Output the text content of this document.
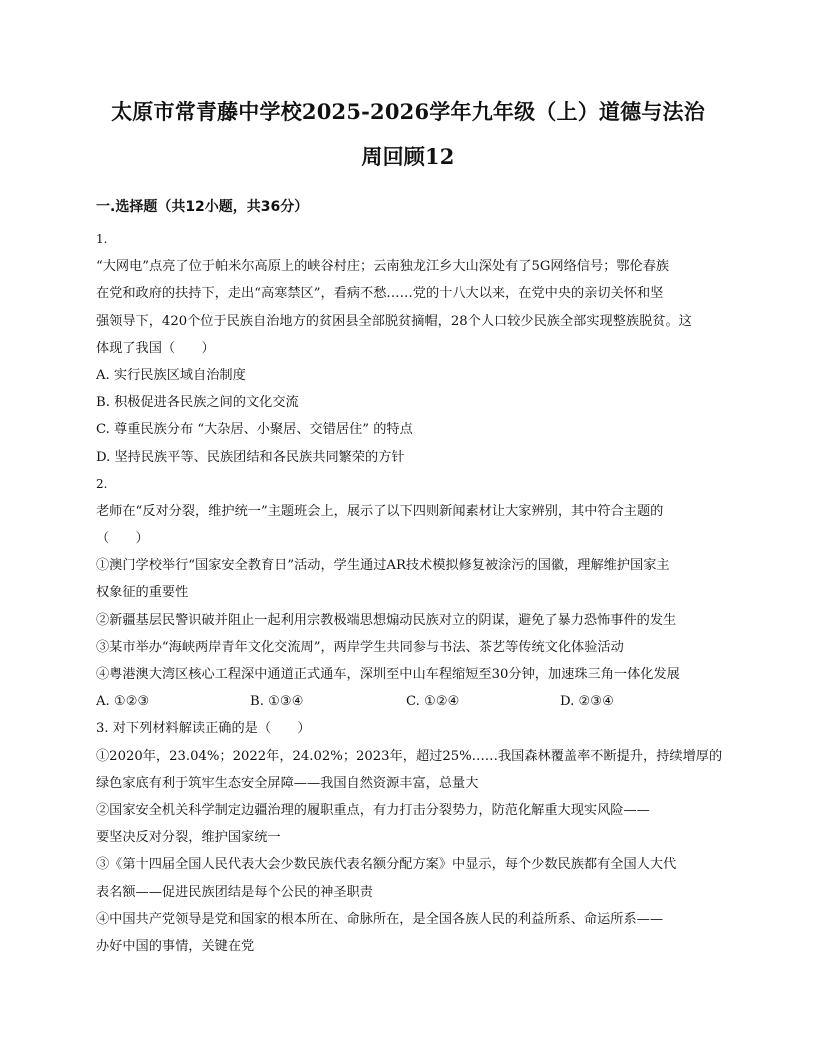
太原市常青藤中学校2025-2026学年九年级（上）道德与法治
周回顾12
一.选择题（共12小题，共36分）
1.
“大网电”点亮了位于帕米尔高原上的峡谷村庄；云南独龙江乡大山深处有了5G网络信号；鄂伦春族
在党和政府的扶持下，走出“高寒禁区”，看病不愁……党的十八大以来，在党中央的亲切关怀和坚
强领导下，420个位于民族自治地方的贫困县全部脱贫摘帽，28个人口较少民族全部实现整族脱贫。这
体现了我国（　　）
A. 实行民族区域自治制度
B. 积极促进各民族之间的文化交流
C. 尊重民族分布 “大杂居、小聚居、交错居住” 的特点
D. 坚持民族平等、民族团结和各民族共同繁荣的方针
2.
老师在“反对分裂，维护统一”主题班会上，展示了以下四则新闻素材让大家辨别，其中符合主题的
（　　）
①澳门学校举行“国家安全教育日”活动，学生通过AR技术模拟修复被涂污的国徽，理解维护国家主
权象征的重要性
②新疆基层民警识破并阻止一起利用宗教极端思想煽动民族对立的阴谋，避免了暴力恐怖事件的发生
③某市举办“海峡两岸青年文化交流周”，两岸学生共同参与书法、茶艺等传统文化体验活动
④粤港澳大湾区核心工程深中通道正式通车，深圳至中山车程缩短至30分钟，加速珠三角一体化发展
A. ①②③	B. ①③④	C. ①②④	D. ②③④
3. 对下列材料解读正确的是（　　）
①2020年，23.04%；2022年，24.02%；2023年，超过25%……我国森林覆盖率不断提升，持续增厚的
绿色家底有利于筑牢生态安全屏障——我国自然资源丰富，总量大
②国家安全机关科学制定边疆治理的履职重点，有力打击分裂势力，防范化解重大现实风险——
要坚决反对分裂，维护国家统一
③《第十四届全国人民代表大会少数民族代表名额分配方案》中显示，每个少数民族都有全国人大代
表名额——促进民族团结是每个公民的神圣职责
④中国共产党领导是党和国家的根本所在、命脉所在，是全国各族人民的利益所系、命运所系——
办好中国的事情，关键在党
